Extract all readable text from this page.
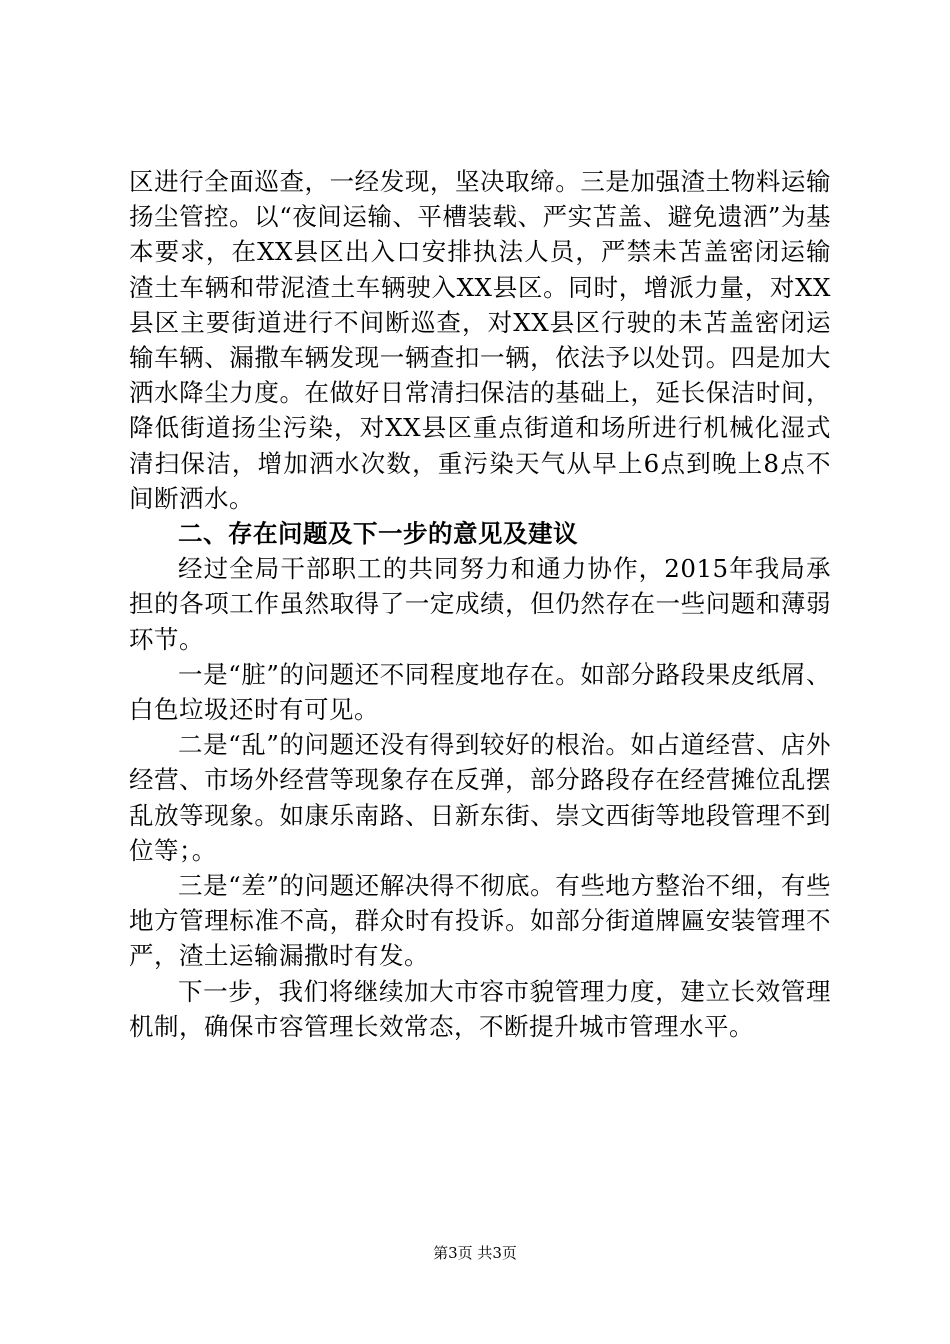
区进行全面巡查，一经发现，坚决取缔。三是加强渣土物料运输扬尘管控。以“夜间运输、平槽装载、严实苫盖、避免遗洒”为基本要求，在XX县区出入口安排执法人员，严禁未苫盖密闭运输渣土车辆和带泥渣土车辆驶入XX县区。同时，增派力量，对XX县区主要街道进行不间断巡查，对XX县区行驶的未苫盖密闭运输车辆、漏撒车辆发现一辆查扣一辆，依法予以处罚。四是加大洒水降尘力度。在做好日常清扫保洁的基础上，延长保洁时间，降低街道扬尘污染，对XX县区重点街道和场所进行机械化湿式清扫保洁，增加洒水次数，重污染天气从早上6点到晚上8点不间断洒水。

二、存在问题及下一步的意见及建议

经过全局干部职工的共同努力和通力协作，2015年我局承担的各项工作虽然取得了一定成绩，但仍然存在一些问题和薄弱环节。

一是“脏”的问题还不同程度地存在。如部分路段果皮纸屑、白色垃圾还时有可见。

二是“乱”的问题还没有得到较好的根治。如占道经营、店外经营、市场外经营等现象存在反弹，部分路段存在经营摊位乱摆乱放等现象。如康乐南路、日新东街、崇文西街等地段管理不到位等；。

三是“差”的问题还解决得不彻底。有些地方整治不细，有些地方管理标准不高，群众时有投诉。如部分街道牌匾安装管理不严，渣土运输漏撒时有发。

下一步，我们将继续加大市容市貌管理力度，建立长效管理机制，确保市容管理长效常态，不断提升城市管理水平。

第3页 共3页
